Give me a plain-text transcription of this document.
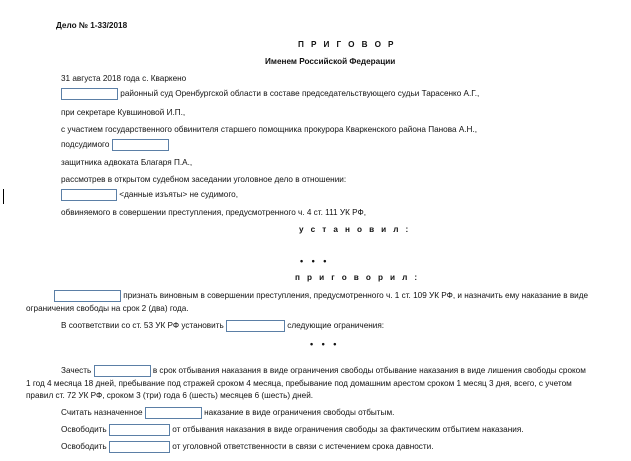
Дело № 1-33/2018
П Р И Г О В О Р
Именем Российской Федерации
31 августа 2018 года с. Кваркено
районный суд Оренбургской области в составе председательствующего судьи Тарасенко А.Г.,
при секретаре Кувшиновой И.П.,
с участием государственного обвинителя старшего помощника прокурора Кваркенского района Панова А.Н.,
подсудимого
защитника адвоката Благаря П.А.,
рассмотрев в открытом судебном заседании уголовное дело в отношении:
<данные изъяты> не судимого,
обвиняемого в совершении преступления, предусмотренного ч. 4 ст. 111 УК РФ,
у с т а н о в и л :
• • •
п р и г о в о р и л :
признать виновным в совершении преступления, предусмотренного ч. 1 ст. 109 УК РФ, и назначить ему наказание в виде
ограничения свободы на срок 2 (два) года.
В соответствии со ст. 53 УК РФ установить	следующие ограничения:
• • •
Зачесть	в срок отбывания наказания в виде ограничения свободы отбывание наказания в виде лишения свободы сроком
1 год 4 месяца 18 дней, пребывание под стражей сроком 4 месяца, пребывание под домашним арестом сроком 1 месяц 3 дня, всего, с учетом
правил ст. 72 УК РФ, сроком 3 (три) года 6 (шесть) месяцев 6 (шесть) дней.
Считать назначенное	наказание в виде ограничения свободы отбытым.
Освободить	от отбывания наказания в виде ограничения свободы за фактическим отбытием наказания.
Освободить	от уголовной ответственности в связи с истечением срока давности.
